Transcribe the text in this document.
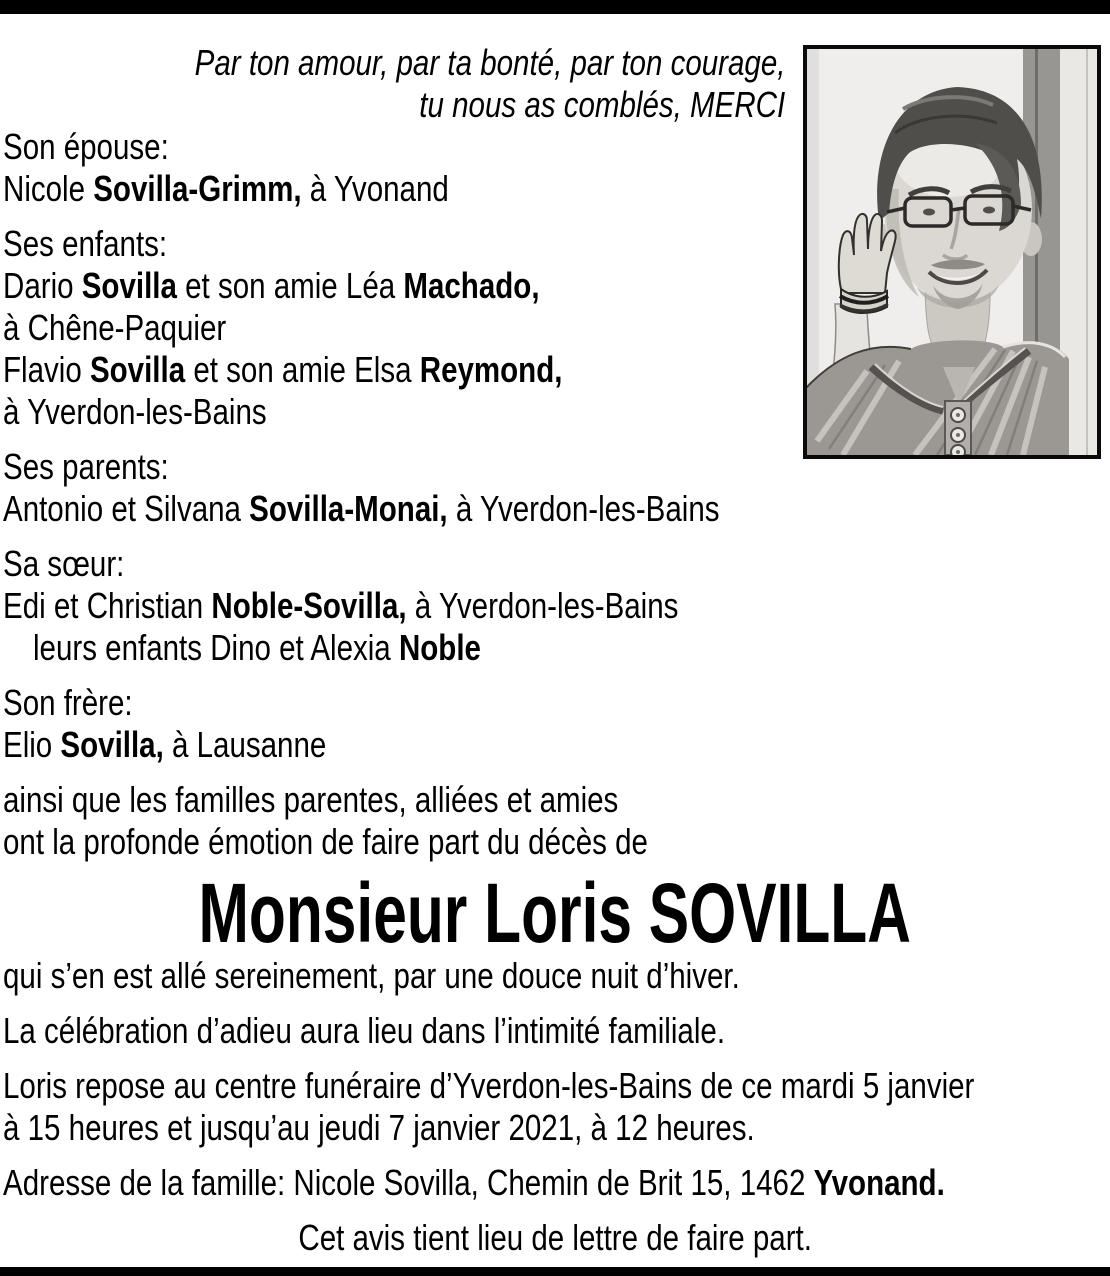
Par ton amour, par ta bonté, par ton courage,
tu nous as comblés, MERCI
Son épouse:
Nicole Sovilla-Grimm, à Yvonand
Ses enfants:
Dario Sovilla et son amie Léa Machado,
à Chêne-Paquier
Flavio Sovilla et son amie Elsa Reymond,
à Yverdon-les-Bains
Ses parents:
Antonio et Silvana Sovilla-Monai, à Yverdon-les-Bains
Sa sœur:
Edi et Christian Noble-Sovilla, à Yverdon-les-Bains
leurs enfants Dino et Alexia Noble
Son frère:
Elio Sovilla, à Lausanne
ainsi que les familles parentes, alliées et amies
ont la profonde émotion de faire part du décès de
Monsieur Loris SOVILLA
qui s’en est allé sereinement, par une douce nuit d’hiver.
La célébration d’adieu aura lieu dans l’intimité familiale.
Loris repose au centre funéraire d’Yverdon-les-Bains de ce mardi 5 janvier
à 15 heures et jusqu’au jeudi 7 janvier 2021, à 12 heures.
Adresse de la famille: Nicole Sovilla, Chemin de Brit 15, 1462 Yvonand.
Cet avis tient lieu de lettre de faire part.
